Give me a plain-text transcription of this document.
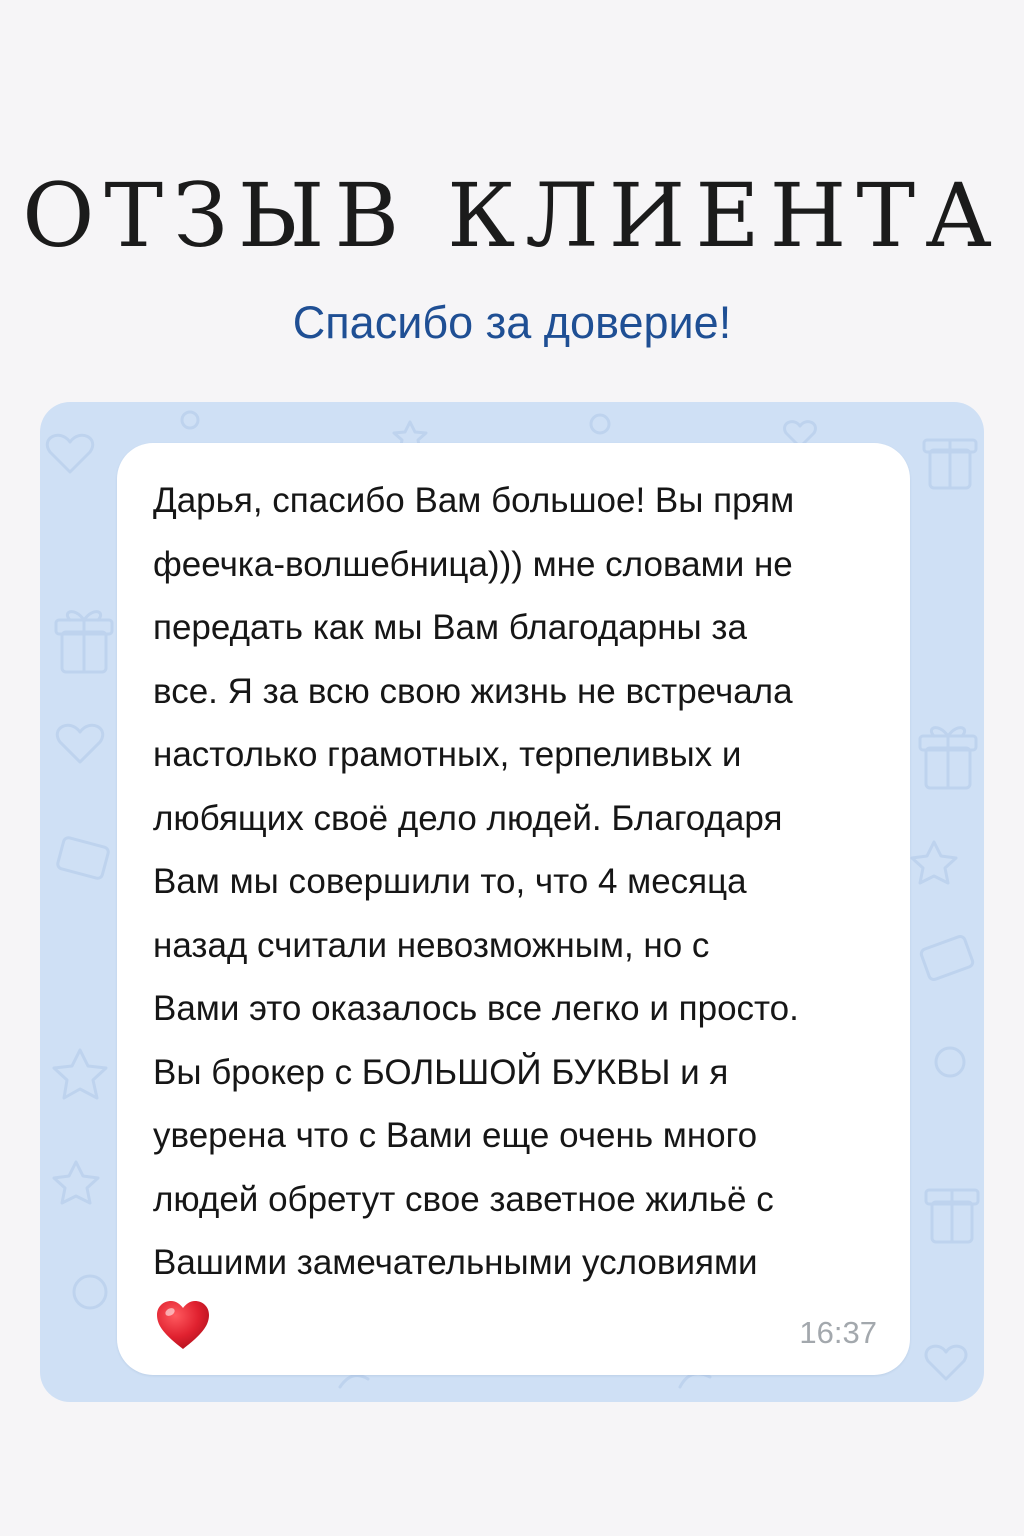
ОТЗЫВ КЛИЕНТА
Спасибо за доверие!
Дарья, спасибо Вам большое! Вы прям
феечка-волшебница))) мне словами не
передать как мы Вам благодарны за
все. Я за всю свою жизнь не встречала
настолько грамотных, терпеливых и
любящих своё дело людей. Благодаря
Вам мы совершили то, что 4 месяца
назад считали невозможным, но с
Вами это оказалось все легко и просто.
Вы брокер с БОЛЬШОЙ БУКВЫ и я
уверена что с Вами еще очень много
людей обретут свое заветное жильё с
Вашими замечательными условиями
16:37
